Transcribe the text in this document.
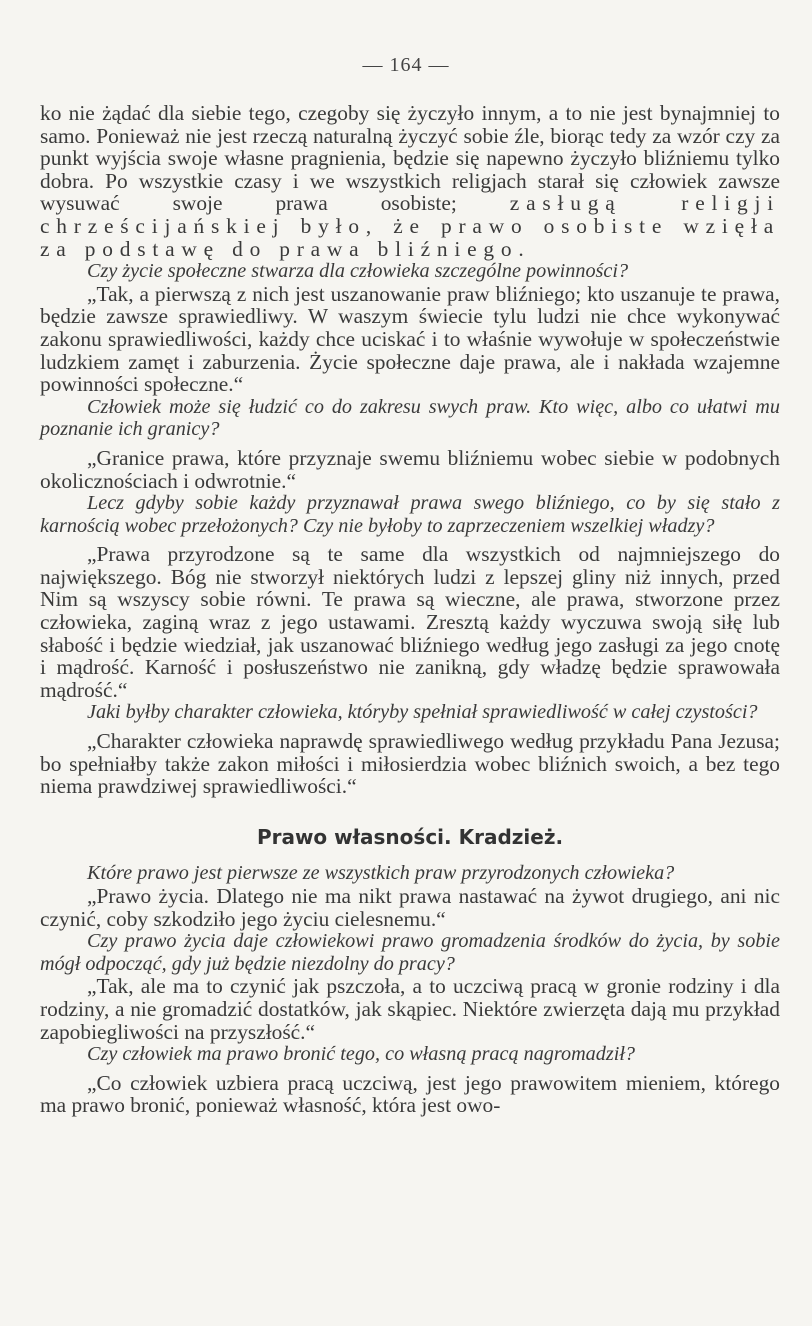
— 164 —

ko nie żądać dla siebie tego, czegoby się życzyło innym, a to nie jest bynajmniej to samo. Ponieważ nie jest rzeczą naturalną życzyć sobie źle, biorąc tedy za wzór czy za punkt wyjścia swoje własne pragnienia, będzie się napewno życzyło bliźniemu tylko dobra. Po wszystkie czasy i we wszystkich religjach starał się człowiek zawsze wysuwać swoje prawa osobiste; zasługą religji chrześcijańskiej było, że prawo osobiste wzięła za podstawę do prawa bliźniego.

Czy życie społeczne stwarza dla człowieka szczególne powinności?

„Tak, a pierwszą z nich jest uszanowanie praw bliźniego; kto uszanuje te prawa, będzie zawsze sprawiedliwy. W waszym świecie tylu ludzi nie chce wykonywać zakonu sprawiedliwości, każdy chce uciskać i to właśnie wywołuje w społeczeństwie ludzkiem zamęt i zaburzenia. Życie społeczne daje prawa, ale i nakłada wzajemne powinności społeczne.“

Człowiek może się łudzić co do zakresu swych praw. Kto więc, albo co ułatwi mu poznanie ich granicy?

„Granice prawa, które przyznaje swemu bliźniemu wobec siebie w podobnych okolicznościach i odwrotnie.“

Lecz gdyby sobie każdy przyznawał prawa swego bliźniego, co by się stało z karnością wobec przełożonych? Czy nie byłoby to zaprzeczeniem wszelkiej władzy?

„Prawa przyrodzone są te same dla wszystkich od najmniejszego do największego. Bóg nie stworzył niektórych ludzi z lepszej gliny niż innych, przed Nim są wszyscy sobie równi. Te prawa są wieczne, ale prawa, stworzone przez człowieka, zaginą wraz z jego ustawami. Zresztą każdy wyczuwa swoją siłę lub słabość i będzie wiedział, jak uszanować bliźniego według jego zasługi za jego cnotę i mądrość. Karność i posłuszeństwo nie zanikną, gdy władzę będzie sprawowała mądrość.“

Jaki byłby charakter człowieka, któryby spełniał sprawiedliwość w całej czystości?

„Charakter człowieka naprawdę sprawiedliwego według przykładu Pana Jezusa; bo spełniałby także zakon miłości i miłosierdzia wobec bliźnich swoich, a bez tego niema prawdziwej sprawiedliwości.“

Prawo własności. Kradzież.

Które prawo jest pierwsze ze wszystkich praw przyrodzonych człowieka?

„Prawo życia. Dlatego nie ma nikt prawa nastawać na żywot drugiego, ani nic czynić, coby szkodziło jego życiu cielesnemu.“

Czy prawo życia daje człowiekowi prawo gromadzenia środków do życia, by sobie mógł odpocząć, gdy już będzie niezdolny do pracy?

„Tak, ale ma to czynić jak pszczoła, a to uczciwą pracą w gronie rodziny i dla rodziny, a nie gromadzić dostatków, jak skąpiec. Niektóre zwierzęta dają mu przykład zapobiegliwości na przyszłość.“

Czy człowiek ma prawo bronić tego, co własną pracą nagromadził?

„Co człowiek uzbiera pracą uczciwą, jest jego prawowitem mieniem, którego ma prawo bronić, ponieważ własność, która jest owo-
